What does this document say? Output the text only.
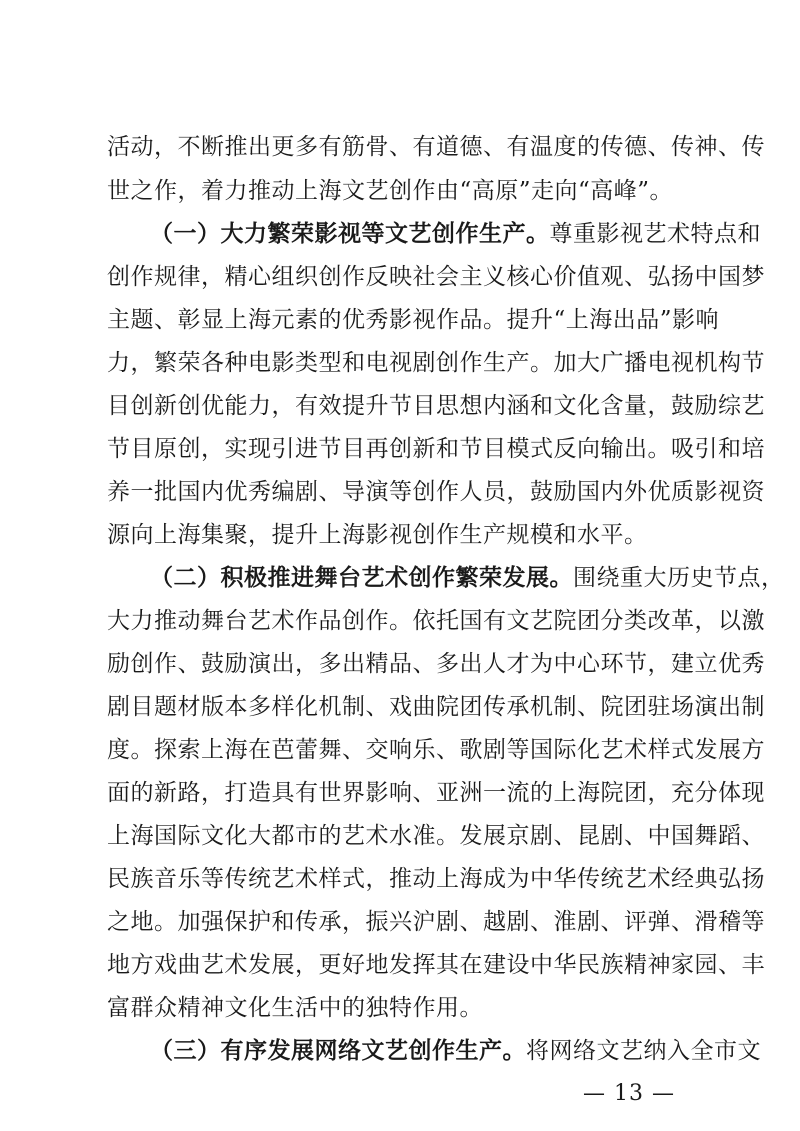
活动，不断推出更多有筋骨、有道德、有温度的传德、传神、传
世之作，着力推动上海文艺创作由“高原”走向“高峰”。
（一）大力繁荣影视等文艺创作生产。尊重影视艺术特点和
创作规律，精心组织创作反映社会主义核心价值观、弘扬中国梦
主题、彰显上海元素的优秀影视作品。提升“上海出品”影响
力，繁荣各种电影类型和电视剧创作生产。加大广播电视机构节
目创新创优能力，有效提升节目思想内涵和文化含量，鼓励综艺
节目原创，实现引进节目再创新和节目模式反向输出。吸引和培
养一批国内优秀编剧、导演等创作人员，鼓励国内外优质影视资
源向上海集聚，提升上海影视创作生产规模和水平。
（二）积极推进舞台艺术创作繁荣发展。围绕重大历史节点，
大力推动舞台艺术作品创作。依托国有文艺院团分类改革，以激
励创作、鼓励演出，多出精品、多出人才为中心环节，建立优秀
剧目题材版本多样化机制、戏曲院团传承机制、院团驻场演出制
度。探索上海在芭蕾舞、交响乐、歌剧等国际化艺术样式发展方
面的新路，打造具有世界影响、亚洲一流的上海院团，充分体现
上海国际文化大都市的艺术水准。发展京剧、昆剧、中国舞蹈、
民族音乐等传统艺术样式，推动上海成为中华传统艺术经典弘扬
之地。加强保护和传承，振兴沪剧、越剧、淮剧、评弹、滑稽等
地方戏曲艺术发展，更好地发挥其在建设中华民族精神家园、丰
富群众精神文化生活中的独特作用。
（三）有序发展网络文艺创作生产。将网络文艺纳入全市文
— 13 —
